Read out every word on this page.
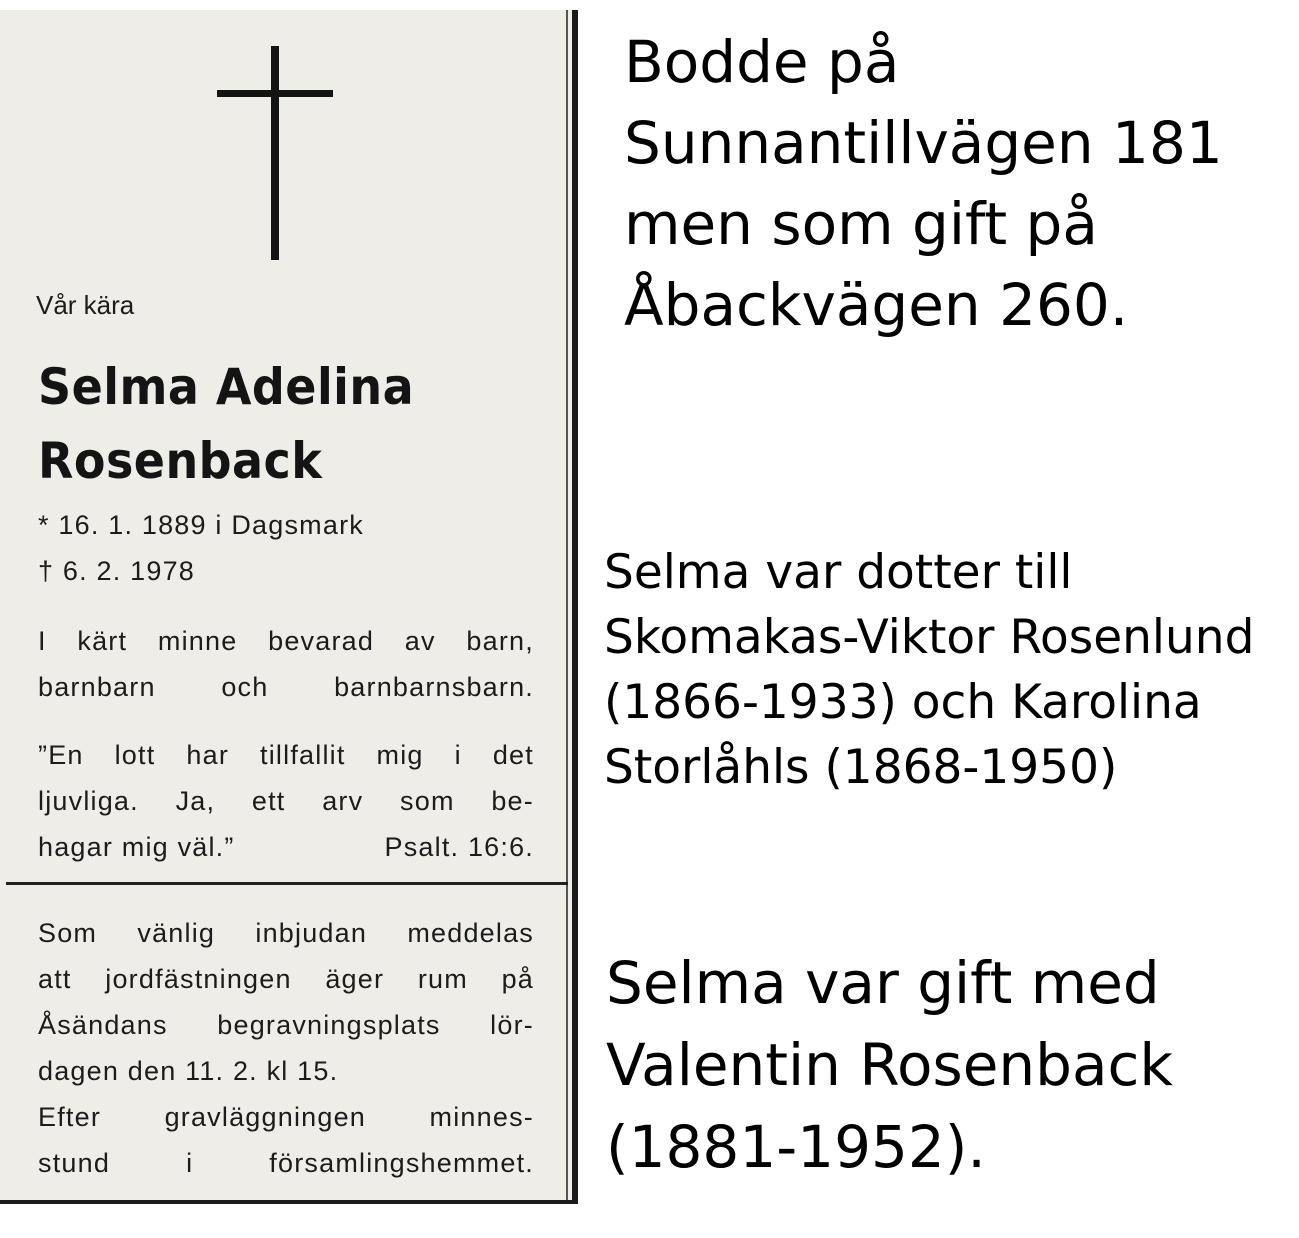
Vår kära

Selma Adelina

Rosenback

* 16. 1. 1889 i Dagsmark

† 6. 2. 1978

I kärt minne bevarad av barn,
barnbarn och barnbarnsbarn.
”En lott har tillfallit mig i det
ljuvliga. Ja, ett arv som be-
hagar mig väl.”	Psalt. 16:6.
Som vänlig inbjudan meddelas
att jordfästningen äger rum på
Åsändans begravningsplats lör-

dagen den 11. 2. kl 15.

Efter gravläggningen minnes-
stund	i	församlingshemmet.
Bodde på
Sunnantillvägen 181
men som gift på
Åbackvägen 260.
Selma var dotter till
Skomakas-Viktor Rosenlund
(1866-1933) och Karolina
Storlåhls (1868-1950)
Selma var gift med
Valentin Rosenback
(1881-1952).
